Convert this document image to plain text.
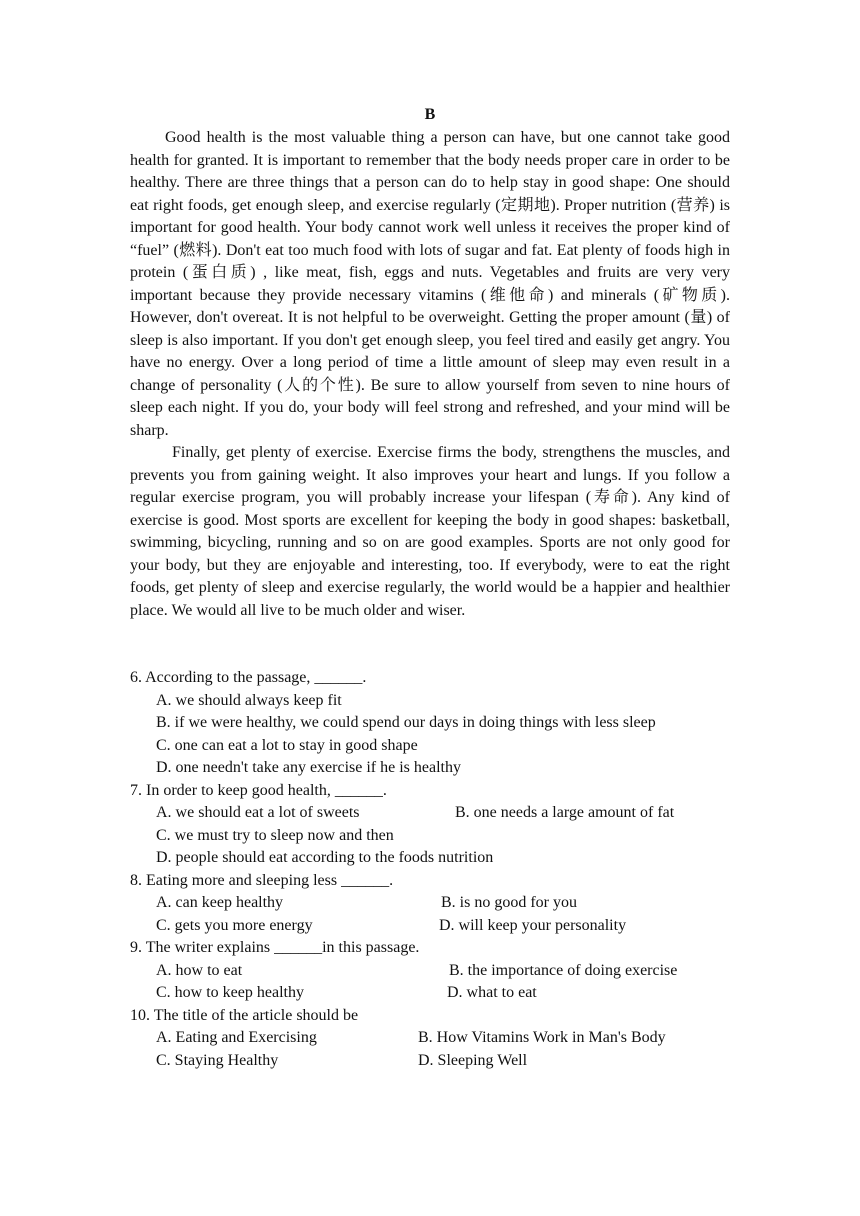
B

Good health is the most valuable thing a person can have, but one cannot take good health for granted. It is important to remember that the body needs proper care in order to be healthy. There are three things that a person can do to help stay in good shape: One should eat right foods, get enough sleep, and exercise regularly (定期地). Proper nutrition (营养) is important for good health. Your body cannot work well unless it receives the proper kind of “fuel” (燃料). Don't eat too much food with lots of sugar and fat. Eat plenty of foods high in protein (蛋白质) , like meat, fish, eggs and nuts. Vegetables and fruits are very very important because they provide necessary vitamins (维他命) and minerals (矿物质). However, don't overeat. It is not helpful to be overweight. Getting the proper amount (量) of sleep is also important. If you don't get enough sleep, you feel tired and easily get angry. You have no energy. Over a long period of time a little amount of sleep may even result in a change of personality (人的个性). Be sure to allow yourself from seven to nine hours of sleep each night. If you do, your body will feel strong and refreshed, and your mind will be sharp.

Finally, get plenty of exercise. Exercise firms the body, strengthens the muscles, and prevents you from gaining weight. It also improves your heart and lungs. If you follow a regular exercise program, you will probably increase your lifespan (寿命). Any kind of exercise is good. Most sports are excellent for keeping the body in good shapes: basketball, swimming, bicycling, running and so on are good examples. Sports are not only good for your body, but they are enjoyable and interesting, too. If everybody, were to eat the right foods, get plenty of sleep and exercise regularly, the world would be a happier and healthier place. We would all live to be much older and wiser.

6. According to the passage, ______.

A. we should always keep fit
B. if we were healthy, we could spend our days in doing things with less sleep
C. one can eat a lot to stay in good shape
D. one needn't take any exercise if he is healthy

7. In order to keep good health, ______.

A. we should eat a lot of sweets	B. one needs a large amount of fat
C. we must try to sleep now and then
D. people should eat according to the foods nutrition

8. Eating more and sleeping less ______.

A. can keep healthy	B. is no good for you
C. gets you more energy	D. will keep your personality

9. The writer explains ______in this passage.

A. how to eat	B. the importance of doing exercise
C. how to keep healthy	D. what to eat

10. The title of the article should be

A. Eating and Exercising	B. How Vitamins Work in Man's Body
C. Staying Healthy	D. Sleeping Well
